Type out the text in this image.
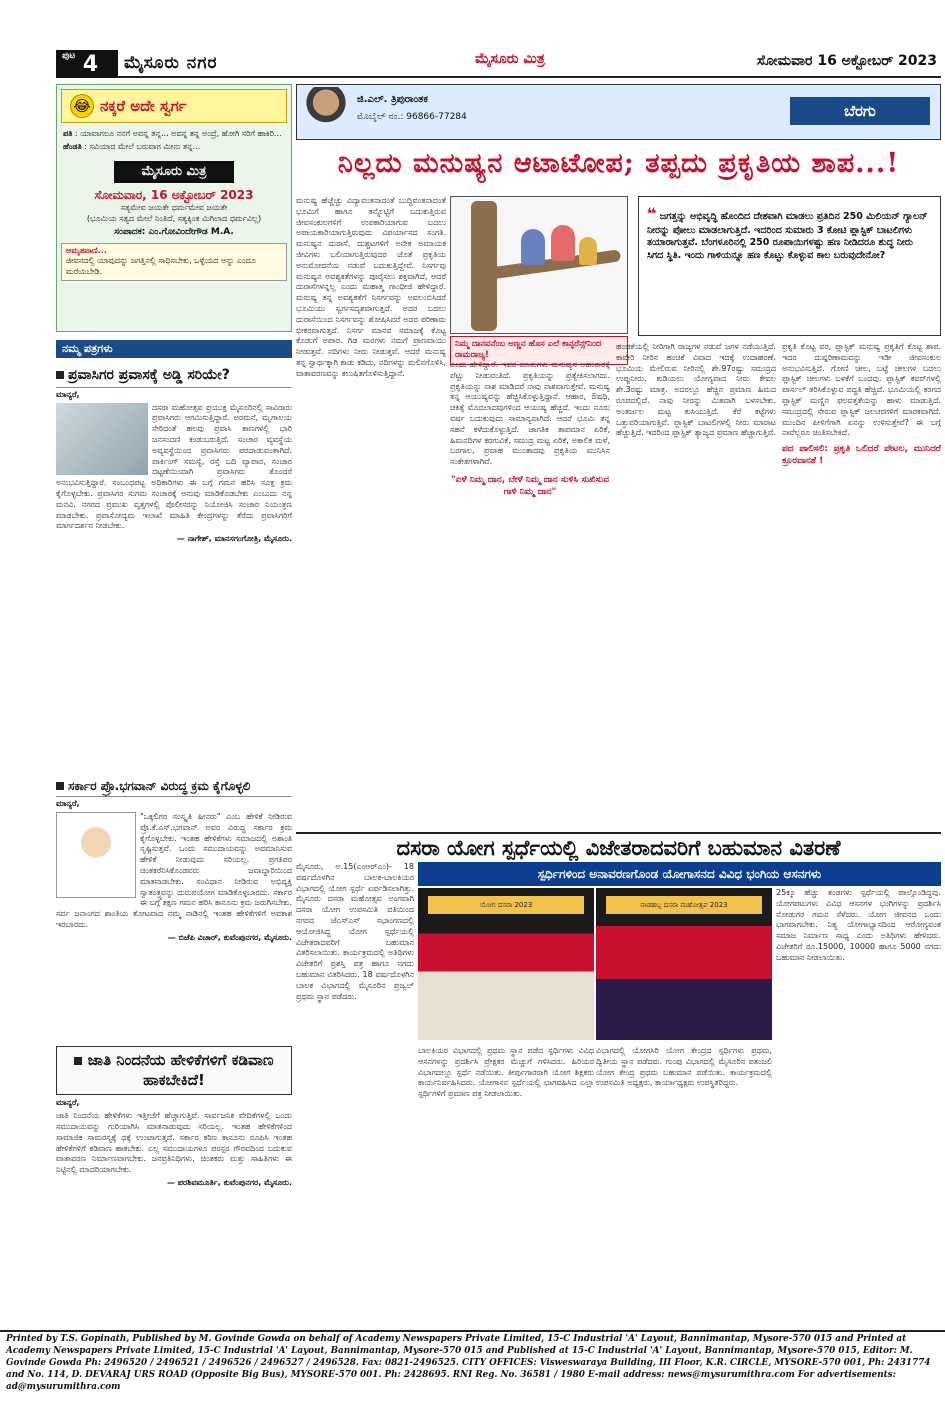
$^{ಪುಟ}$ 4	ಮೈಸೂರು ನಗರ	ಮೈಸೂರು ಮಿತ್ರ	ಸೋಮವಾರ 16 ಅಕ್ಟೋಬರ್ 2023
😂 ನಕ್ಕರೆ ಅದೇ ಸ್ವರ್ಗ
ಪತಿ : ಯಾವಾಗಲೂ ನನಗೆ ಅವನ್ನ ತನ್ನ... ಅವನ್ನ ತನ್ನ ಅಂದ್ರೆ, ಹೋಗಿ ಸರಿಗೆ ಹಾಕಿರಿ...
ಹೆಂಡತಿ : ಸವಿಯಾದ ಮೇಲೆ ಬರುವಾಗ ಮೀನು ತನ್ನ...
ಮೈಸೂರು ಮಿತ್ರ
ಸೋಮವಾರ, 16 ಅಕ್ಟೋಬರ್ 2023
ಸತ್ಯಮೇವ ಜಯತೇ ಧರ್ಮಮೇವ ಜಯತೇ
(ಭೂಮಿಯ ಸತ್ಯದ ಮೇಲೆ ನಿಂತಿದೆ, ಸತ್ಯಕ್ಕಿಂತ ಮಿಗಿಲಾದ ಧರ್ಮವಿಲ್ಲ)
ಸಂಪಾದಕ: ಎಂ.ಗೋವಿಂದೇಗೌಡ M.A.
ಅಮೃತವಾಣಿ...
ಜೀವನದಲ್ಲಿ ಯಾವುದನ್ನು ಜಗತ್ತಿನಲ್ಲಿ ಸಾಧಿಸಬೇಕು, ಒಳ್ಳೆಯದ ಅನ್ನು ಎಂದೂ ಮರೆಯಬೇಡಿ.
ನಮ್ಮ ಪತ್ರಗಳು
ಪ್ರವಾಸಿಗರ ಪ್ರವಾಸಕ್ಕೆ ಅಡ್ಡಿ ಸರಿಯೇ?
ಮಾನ್ಯರೆ,
ದಸರಾ ಮಹೋತ್ಸವ ಪ್ರಯುಕ್ತ ಮೈಸೂರಿನಲ್ಲಿ ಸಾವಿರಾರು ಪ್ರವಾಸಿಗರು ಆಗಮಿಸುತ್ತಿದ್ದಾರೆ. ಅರಮನೆ, ಮೃಗಾಲಯ ಸೇರಿದಂತೆ ಹಲವು ಪ್ರವಾಸಿ ತಾಣಗಳಲ್ಲಿ ಭಾರಿ ಜನಸಂದಣಿ ಕಂಡುಬರುತ್ತಿದೆ. ಸಂಚಾರ ವ್ಯವಸ್ಥೆಯ ಅವ್ಯವಸ್ಥೆಯಿಂದ ಪ್ರವಾಸಿಗರು ಪರದಾಡುವಂತಾಗಿದೆ. ಪಾರ್ಕಿಂಗ್ ಸಮಸ್ಯೆ, ರಸ್ತೆ ಬದಿ ವ್ಯಾಪಾರ, ಸಂಚಾರ ದಟ್ಟಣೆಯಿಂದಾಗಿ ಪ್ರವಾಸಿಗರು ತೊಂದರೆ ಅನುಭವಿಸುತ್ತಿದ್ದಾರೆ. ಸಂಬಂಧಪಟ್ಟ ಅಧಿಕಾರಿಗಳು ಈ ಬಗ್ಗೆ ಗಮನ ಹರಿಸಿ ಸೂಕ್ತ ಕ್ರಮ ಕೈಗೊಳ್ಳಬೇಕು. ಪ್ರವಾಸಿಗರ ಸುಗಮ ಸಂಚಾರಕ್ಕೆ ಅನುವು ಮಾಡಿಕೊಡಬೇಕು ಎಂಬುದು ನನ್ನ ಮನವಿ. ನಗರದ ಪ್ರಮುಖ ವೃತ್ತಗಳಲ್ಲಿ ಪೊಲೀಸರನ್ನು ನಿಯೋಜಿಸಿ ಸಂಚಾರ ನಿಯಂತ್ರಣ ಮಾಡಬೇಕು. ಪ್ರವಾಸೋದ್ಯಮ ಇಲಾಖೆ ಮಾಹಿತಿ ಕೇಂದ್ರಗಳನ್ನು ತೆರೆದು ಪ್ರವಾಸಿಗರಿಗೆ ಮಾರ್ಗದರ್ಶನ ನೀಡಬೇಕು.
— ನಾಗೇಶ್, ಮಾನಸಗಂಗೋತ್ರಿ, ಮೈಸೂರು.
ಸರ್ಕಾರ ಪ್ರೊ.ಭಗವಾನ್ ವಿರುದ್ಧ ಕ್ರಮ ಕೈಗೊಳ್ಳಲಿ
ಮಾನ್ಯರೆ,
"ಒಕ್ಕಲಿಗರ ಸಂಸ್ಕೃತಿ ಹೀನರು" ಎಂಬ ಹೇಳಿಕೆ ನೀಡಿರುವ ಪ್ರೊ.ಕೆ.ಎಸ್.ಭಗವಾನ್ ಅವರ ವಿರುದ್ಧ ಸರ್ಕಾರ ಕ್ರಮ ಕೈಗೊಳ್ಳಬೇಕು. ಇಂತಹ ಹೇಳಿಕೆಗಳು ಸಮಾಜದಲ್ಲಿ ಅಶಾಂತಿ ಸೃಷ್ಟಿಸುತ್ತವೆ. ಒಂದು ಸಮುದಾಯವನ್ನು ಅವಮಾನಿಸುವ ಹೇಳಿಕೆ ನೀಡುವುದು ಸರಿಯಲ್ಲ. ಪ್ರಗತಿಪರ ಚಿಂತಕರೆನಿಸಿಕೊಂಡವರು ಜವಾಬ್ದಾರಿಯಿಂದ ಮಾತನಾಡಬೇಕು. ಸಂವಿಧಾನ ನೀಡಿರುವ ಅಭಿವ್ಯಕ್ತಿ ಸ್ವಾತಂತ್ರ್ಯವನ್ನು ದುರುಪಯೋಗ ಮಾಡಿಕೊಳ್ಳಬಾರದು. ಸರ್ಕಾರ ಈ ಬಗ್ಗೆ ತಕ್ಷಣ ಗಮನ ಹರಿಸಿ ಕಾನೂನು ಕ್ರಮ ಜರುಗಿಸಬೇಕು. ಸರ್ವ ಜನಾಂಗದ ಶಾಂತಿಯ ತೋಟವಾದ ನಮ್ಮ ನಾಡಿನಲ್ಲಿ ಇಂತಹ ಹೇಳಿಕೆಗಳಿಗೆ ಅವಕಾಶ ಇರಬಾರದು.
— ಬಿಜೆಪಿ ವಿಚಾರ್, ಕುವೆಂಪುನಗರ, ಮೈಸೂರು.
ಜಾತಿ ನಿಂದನೆಯ ಹೇಳಿಕೆಗಳಿಗೆ ಕಡಿವಾಣ ಹಾಕಬೇಕಿದೆ!
ಮಾನ್ಯರೆ,
ಜಾತಿ ನಿಂದನೆಯ ಹೇಳಿಕೆಗಳು ಇತ್ತೀಚೆಗೆ ಹೆಚ್ಚಾಗುತ್ತಿವೆ. ಸಾರ್ವಜನಿಕ ವೇದಿಕೆಗಳಲ್ಲಿ ಒಂದು ಸಮುದಾಯವನ್ನು ಗುರಿಯಾಗಿಸಿ ಮಾತನಾಡುವುದು ಸರಿಯಲ್ಲ. ಇಂತಹ ಹೇಳಿಕೆಗಳಿಂದ ಸಾಮಾಜಿಕ ಸಾಮರಸ್ಯಕ್ಕೆ ಧಕ್ಕೆ ಉಂಟಾಗುತ್ತದೆ. ಸರ್ಕಾರ ಕಠಿಣ ಕಾನೂನು ರೂಪಿಸಿ ಇಂತಹ ಹೇಳಿಕೆಗಳಿಗೆ ಕಡಿವಾಣ ಹಾಕಬೇಕು. ಎಲ್ಲ ಸಮುದಾಯಗಳೂ ಪರಸ್ಪರ ಗೌರವದಿಂದ ಬದುಕುವ ವಾತಾವರಣ ನಿರ್ಮಾಣವಾಗಬೇಕು. ಜನಪ್ರತಿನಿಧಿಗಳು, ಚಿಂತಕರು ಮತ್ತು ಸಾಹಿತಿಗಳು ಈ ನಿಟ್ಟಿನಲ್ಲಿ ಮಾದರಿಯಾಗಬೇಕು.
— ಪರಶಿವಮೂರ್ತಿ, ಕುವೆಂಪುನಗರ, ಮೈಸೂರು.
ಜಿ.ಎಲ್. ತ್ರಿಪುರಾಂತಕ
ಮೊಬೈಲ್ ನಂ.: 96866-77284	ಬೆರಗು
ನಿಲ್ಲದು ಮನುಷ್ಯನ ಆಟಾಟೋಪ; ತಪ್ಪದು ಪ್ರಕೃತಿಯ ಶಾಪ...!
ಮನುಷ್ಯ ಹೆಚ್ಚೆಚ್ಚು ವಿದ್ಯಾವಂತನಾದಂತೆ ಬುದ್ಧಿವಂತನಾದಂತೆ ಭೂಮಿಗೆ ಹಾಗೂ ತನ್ನೊಟ್ಟಿಗೆ ಬದುಕುತ್ತಿರುವ ಜೀವಸಂಕುಲಗಳಿಗೆ ಉಪಕಾರಿಯಾಗುವ ಬದಲು ಅಪಾಯಕಾರಿಯಾಗುತ್ತಿರುವುದು ವಿಪರ್ಯಾಸದ ಸಂಗತಿ. ಮನುಷ್ಯನ ದುರಾಸೆ, ದುಶ್ಚಟಗಳಿಗೆ ಅನೇಕ ಅಮಾಯಕ ಜೀವಿಗಳು ಬಲಿಯಾಗುತ್ತಿರುವುದರ ಜೊತೆ ಪ್ರಕೃತಿಯ ಅನುಮೋದನೆಯ ನಡುವೆ ಬದುಕುತ್ತಿದ್ದೇವೆ. ನಿಸರ್ಗವು ಮನುಷ್ಯನ ಅವಶ್ಯಕತೆಗಳನ್ನು ಪೂರೈಸಲು ಶಕ್ತವಾಗಿದೆ, ಆದರೆ ದುರಾಸೆಗಳನ್ನಲ್ಲ ಎಂದು ಮಹಾತ್ಮ ಗಾಂಧೀಜಿ ಹೇಳಿದ್ದಾರೆ. ಮನುಷ್ಯ ತನ್ನ ಅವಶ್ಯಕತೆಗೆ ನಿಸರ್ಗವನ್ನು ಅವಲಂಬಿಸಿದರೆ ಭೂಮಿಯು ಸ್ವರ್ಗಸದೃಶವಾಗುತ್ತದೆ. ಅದರ ಬದಲು ದುರಾಸೆಯಿಂದ ನಿಸರ್ಗವನ್ನು ಶೋಷಿಸಿದರೆ ಅದರ ಪರಿಣಾಮ ಭೀಕರವಾಗುತ್ತದೆ. ನಿಸರ್ಗ ಮಾನವ ಸಮಾಜಕ್ಕೆ ಕೊಟ್ಟ ಕೊಡುಗೆ ಅಪಾರ. ಗಿಡ ಮರಗಳು ನಮಗೆ ಪ್ರಾಣವಾಯು ನೀಡುತ್ತವೆ. ನದಿಗಳು ನೀರು ನೀಡುತ್ತವೆ. ಆದರೆ ಮನುಷ್ಯ ತನ್ನ ಸ್ವಾರ್ಥಕ್ಕಾಗಿ ಕಾಡು ಕಡಿದು, ನದಿಗಳನ್ನು ಮಲಿನಗೊಳಿಸಿ, ವಾತಾವರಣವನ್ನು ಕಲುಷಿತಗೊಳಿಸುತ್ತಿದ್ದಾನೆ.
ನಿಮ್ಮ ದಾನವನೆಂಬ ಅಣ್ಣನ ಹೊಸ ಎಲೆ ಕಾನ್ಫರೆನ್ಸ್‌ನಿಂದ ರಾಮರಾಜ್ಯ!
❝ ಜಗತ್ತನ್ನು ಅಭಿವೃದ್ಧಿ ಹೊಂದಿದ ದೇಶವಾಗಿ ಮಾಡಲು ಪ್ರತಿದಿನ 250 ಮಿಲಿಯನ್ ಗ್ಯಾಲನ್ ನೀರನ್ನು ಪೋಲು ಮಾಡಲಾಗುತ್ತಿದೆ. ಇದರಿಂದ ಸುಮಾರು 3 ಕೋಟಿ ಪ್ಲಾಸ್ಟಿಕ್ ಬಾಟಲಿಗಳು ತಯಾರಾಗುತ್ತವೆ. ಬೆಂಗಳೂರಿನಲ್ಲಿ 250 ರೂಪಾಯಿಗಳಷ್ಟು ಹಣ ನೀಡಿದರೂ ಶುದ್ಧ ನೀರು ಸಿಗದ ಸ್ಥಿತಿ. ಇಂದು ಗಾಳಿಯನ್ನೂ ಹಣ ಕೊಟ್ಟು ಕೊಳ್ಳುವ ಕಾಲ ಬರುವುದೇನೋ?
ಎಂದು ಹೇಳಿದ್ದಾರೆ. ಇವರ ಮಾತುಗಳು ಮನುಷ್ಯನ ಅಹಂಕಾರಕ್ಕೆ ಪೆಟ್ಟು ನೀಡುವಂತಿದೆ. ಪ್ರಕೃತಿಯನ್ನು ಪ್ರತ್ಯೇಕಿಸಲಾಗದು. ಪ್ರಕೃತಿಯನ್ನು ನಾಶ ಮಾಡಿದರೆ ನಾವು ನಾಶವಾಗುತ್ತೇವೆ. ಮನುಷ್ಯ ತನ್ನ ಆಯುಷ್ಯವನ್ನು ಹೆಚ್ಚಿಸಿಕೊಳ್ಳುತ್ತಿದ್ದಾನೆ. ಆಹಾರ, ಔಷಧಿ, ಚಿಕಿತ್ಸೆ ಮೊದಲಾದವುಗಳಿಂದ ಆಯುಷ್ಯ ಹೆಚ್ಚಿದೆ. ಇಂದು ನೂರು ವರ್ಷ ಬದುಕುವುದು ಸಾಮಾನ್ಯವಾಗಿದೆ. ಆದರೆ ಭೂಮಿ ತನ್ನ ಸಹನೆ ಕಳೆದುಕೊಳ್ಳುತ್ತಿದೆ. ಜಾಗತಿಕ ತಾಪಮಾನ ಏರಿಕೆ, ಹಿಮನದಿಗಳ ಕರಗುವಿಕೆ, ಸಮುದ್ರ ಮಟ್ಟ ಏರಿಕೆ, ಅಕಾಲಿಕ ಮಳೆ, ಬರಗಾಲ, ಪ್ರವಾಹ ಮುಂತಾದವು ಪ್ರಕೃತಿಯ ಮುನಿಸಿನ ಸಂಕೇತಗಳಾಗಿವೆ.
"ಏಳೆ ನಿಮ್ಮ ದಾನ, ಬೇಳೆ ನಿಮ್ಮ ದಾನ ಸುಳಿಸಿ ಸುಖಿಸುವ ಗಾಳಿ ನಿಮ್ಮ ದಾನ"
ಹಂಚಿಕೆಯಲ್ಲಿ ನೀರಿಗಾಗಿ ರಾಜ್ಯಗಳ ನಡುವೆ ಜಗಳ ನಡೆಯುತ್ತಿದೆ. ಕಾವೇರಿ ನೀರಿನ ಹಂಚಿಕೆ ವಿವಾದ ಇದಕ್ಕೆ ಉದಾಹರಣೆ. ಭೂಮಿಯ ಮೇಲಿರುವ ನೀರಿನಲ್ಲಿ ಶೇ.97ರಷ್ಟು ಸಮುದ್ರದ ಉಪ್ಪುನೀರು. ಕುಡಿಯಲು ಯೋಗ್ಯವಾದ ನೀರು ಕೇವಲ ಶೇ.3ರಷ್ಟು ಮಾತ್ರ. ಅದರಲ್ಲೂ ಹೆಚ್ಚಿನ ಪ್ರಮಾಣ ಹಿಮದ ರೂಪದಲ್ಲಿದೆ. ನಾವು ನೀರನ್ನು ಮಿತವಾಗಿ ಬಳಸಬೇಕು. ಅಂತರ್ಜಲ ಮಟ್ಟ ಕುಸಿಯುತ್ತಿದೆ. ಕೆರೆ ಕಟ್ಟೆಗಳು ಒತ್ತುವರಿಯಾಗುತ್ತಿವೆ. ಪ್ಲಾಸ್ಟಿಕ್ ಬಾಟಲಿಗಳಲ್ಲಿ ನೀರು ಮಾರಾಟ ಹೆಚ್ಚುತ್ತಿದೆ. ಇದರಿಂದ ಪ್ಲಾಸ್ಟಿಕ್ ತ್ಯಾಜ್ಯದ ಪ್ರಮಾಣ ಹೆಚ್ಚಾಗುತ್ತಿದೆ.
ಪ್ರಕೃತಿ ಕೊಟ್ಟ ವರ, ಪ್ಲಾಸ್ಟಿಕ್ ಮನುಷ್ಯ ಪ್ರಕೃತಿಗೆ ಕೊಟ್ಟ ಶಾಪ. ಇದರ ದುಷ್ಪರಿಣಾಮವನ್ನು ಇಡೀ ಜೀವಸಂಕುಲ ಅನುಭವಿಸುತ್ತಿದೆ. ಗೋಣಿ ಚೀಲ, ಬಟ್ಟೆ ಚೀಲಗಳ ಬದಲು ಪ್ಲಾಸ್ಟಿಕ್ ಚೀಲಗಳು ಬಳಕೆಗೆ ಬಂದವು. ಪ್ಲಾಸ್ಟಿಕ್ ಕವರ್‌ಗಳಲ್ಲಿ ಪಾರ್ಸಲ್ ತರಿಸಿಕೊಳ್ಳುವ ಪದ್ಧತಿ ಹೆಚ್ಚಿದೆ. ಭೂಮಿಯಲ್ಲಿ ಕರಗದ ಪ್ಲಾಸ್ಟಿಕ್ ಮಣ್ಣಿನ ಫಲವತ್ತತೆಯನ್ನು ಹಾಳು ಮಾಡುತ್ತಿದೆ. ಸಮುದ್ರದಲ್ಲಿ ಸೇರುವ ಪ್ಲಾಸ್ಟಿಕ್ ಜಲಚರಗಳಿಗೆ ಮಾರಕವಾಗಿದೆ. ಮುಂದಿನ ಪೀಳಿಗೆಗಾಗಿ ಏನನ್ನು ಉಳಿಸುತ್ತೇವೆ? ಈ ಬಗ್ಗೆ ನಾವೆಲ್ಲರೂ ಚಿಂತಿಸಬೇಕಿದೆ.
ಪದ ಪಾಲಿಸಲಿ: ಪ್ರಕೃತಿ ಒಲಿದರೆ ಪೇಟಲ, ಮುನಿದರೆ ಕ್ರೂರವಾನತೆ !
ದಸರಾ ಯೋಗ ಸ್ಪರ್ಧೆಯಲ್ಲಿ ವಿಜೇತರಾದವರಿಗೆ ಬಹುಮಾನ ವಿತರಣೆ
ಸ್ಪರ್ಧಿಗಳಿಂದ ಅನಾವರಣಗೊಂಡ ಯೋಗಾಸನದ ವಿವಿಧ ಭಂಗಿಯ ಆಸನಗಳು
ಮೈಸೂರು, ಅ.15(ಎಂಆರ್‌ಎಂ)- 18 ವರ್ಷದೊಳಗಿನ ಬಾಲಕ-ಬಾಲಕಿಯರ ವಿಭಾಗದಲ್ಲಿ ಯೋಗ ಸ್ಪರ್ಧೆ ಏರ್ಪಡಿಸಲಾಗಿತ್ತು. ಮೈಸೂರು ದಸರಾ ಮಹೋತ್ಸವ ಅಂಗವಾಗಿ ದಸರಾ ಯೋಗ ಉಪಸಮಿತಿ ವತಿಯಿಂದ ನಗರದ ಜೆಎಸ್‌ಎಸ್ ಸಭಾಂಗಣದಲ್ಲಿ ಆಯೋಜಿಸಿದ್ದ ಯೋಗ ಸ್ಪರ್ಧೆಯಲ್ಲಿ ವಿಜೇತರಾದವರಿಗೆ ಬಹುಮಾನ ವಿತರಿಸಲಾಯಿತು. ಕಾರ್ಯಕ್ರಮದಲ್ಲಿ ಅತಿಥಿಗಳು ವಿಜೇತರಿಗೆ ಪ್ರಶಸ್ತಿ ಪತ್ರ ಹಾಗೂ ನಗದು ಬಹುಮಾನ ವಿತರಿಸಿದರು. 18 ವರ್ಷದೊಳಗಿನ ಬಾಲಕ ವಿಭಾಗದಲ್ಲಿ ಮೈಸೂರಿನ ಪ್ರಜ್ವಲ್ ಪ್ರಥಮ ಸ್ಥಾನ ಪಡೆದರು.
ಯೋಗ ದಸರಾ 2023	ನಾಡಹಬ್ಬ ದಸರಾ ಮಹೋತ್ಸವ 2023
ಬಾಲಕಿಯರ ವಿಭಾಗದಲ್ಲಿ ಪ್ರಥಮ ಸ್ಥಾನ ಪಡೆದ ಸ್ಪರ್ಧಿಗಳು ವಿವಿಧ ಆಸನಗಳನ್ನು ಪ್ರದರ್ಶಿಸಿ ಪ್ರೇಕ್ಷಕರ ಮೆಚ್ಚುಗೆ ಗಳಿಸಿದರು. ಹಿರಿಯರ ವಿಭಾಗದಲ್ಲೂ ಸ್ಪರ್ಧೆ ನಡೆಯಿತು. ತೀರ್ಪುಗಾರರಾಗಿ ಯೋಗ ಶಿಕ್ಷಕರು ಕಾರ್ಯನಿರ್ವಹಿಸಿದರು. ಯೋಗಾಸನ ಸ್ಪರ್ಧೆಯಲ್ಲಿ ಭಾಗವಹಿಸಿದ ಎಲ್ಲಾ ಸ್ಪರ್ಧಿಗಳಿಗೆ ಪ್ರಮಾಣ ಪತ್ರ ನೀಡಲಾಯಿತು.
ವಿಭಾಗದಲ್ಲಿ ಯೋಗಸಿರಿ ಯೋಗ ಕೇಂದ್ರದ ಸ್ಪರ್ಧಿಗಳು ಪ್ರಥಮ, ದ್ವಿತೀಯ ಸ್ಥಾನ ಪಡೆದರು. ಗುಂಪು ವಿಭಾಗದಲ್ಲಿ ಮೈಸೂರಿನ ಪತಂಜಲಿ ಯೋಗ ಕೇಂದ್ರ ಪ್ರಥಮ ಬಹುಮಾನ ಪಡೆಯಿತು. ಕಾರ್ಯಕ್ರಮದಲ್ಲಿ ಉಪಸಮಿತಿ ಅಧ್ಯಕ್ಷರು, ಕಾರ್ಯಾಧ್ಯಕ್ಷರು ಉಪಸ್ಥಿತರಿದ್ದರು.
25ಕ್ಕೂ ಹೆಚ್ಚು ತಂಡಗಳು ಸ್ಪರ್ಧೆಯಲ್ಲಿ ಪಾಲ್ಗೊಂಡಿದ್ದವು. ಯೋಗಪಟುಗಳು ವಿವಿಧ ಆಸನಗಳ ಭಂಗಿಗಳನ್ನು ಪ್ರದರ್ಶಿಸಿ ನೋಡುಗರ ಗಮನ ಸೆಳೆದರು. ಯೋಗ ಜೀವನದ ಒಂದು ಭಾಗವಾಗಬೇಕು. ನಿತ್ಯ ಯೋಗಾಭ್ಯಾಸದಿಂದ ಆರೋಗ್ಯವಂತ ಸಮಾಜ ನಿರ್ಮಾಣ ಸಾಧ್ಯ ಎಂದು ಅತಿಥಿಗಳು ಹೇಳಿದರು. ವಿಜೇತರಿಗೆ ರೂ.15000, 10000 ಹಾಗೂ 5000 ನಗದು ಬಹುಮಾನ ನೀಡಲಾಯಿತು.
Printed by T.S. Gopinath, Published by M. Govinde Gowda on behalf of Academy Newspapers Private Limited, 15-C Industrial 'A' Layout, Bannimantap, Mysore-570 015 and Printed at Academy Newspapers Private Limited, 15-C Industrial 'A' Layout, Bannimantap, Mysore-570 015 and Published at 15-C Industrial 'A' Layout, Bannimantap, Mysore-570 015, Editor: M. Govinde Gowda Ph: 2496520 / 2496521 / 2496526 / 2496527 / 2496528. Fax: 0821-2496525. CITY OFFICES: Visweswaraya Building, III Floor, K.R. CIRCLE, MYSORE-570 001, Ph: 2431774 and No. 114, D. DEVARAJ URS ROAD (Opposite Big Bus), MYSORE-570 001. Ph: 2428695. RNI Reg. No. 36581 / 1980 E-mail address: news@mysurumithra.com For advertisements: ad@mysurumithra.com
